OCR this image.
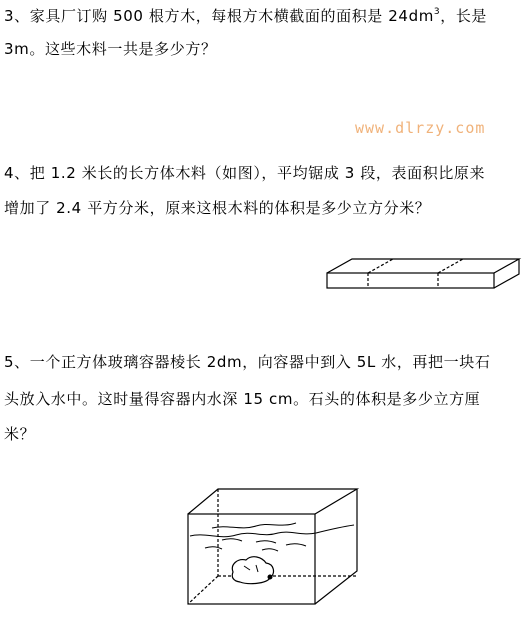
3、家具厂订购 500 根方木，每根方木横截面的面积是 $24dm^3$，长是
3m。这些木料一共是多少方？
www.dlrzy.com
4、把 1.2 米长的长方体木料（如图），平均锯成 3 段，表面积比原来
增加了 2.4 平方分米，原来这根木料的体积是多少立方分米？
5、一个正方体玻璃容器棱长 2dm，向容器中到入 5L 水，再把一块石
头放入水中。这时量得容器内水深 15 cm。石头的体积是多少立方厘
米？
